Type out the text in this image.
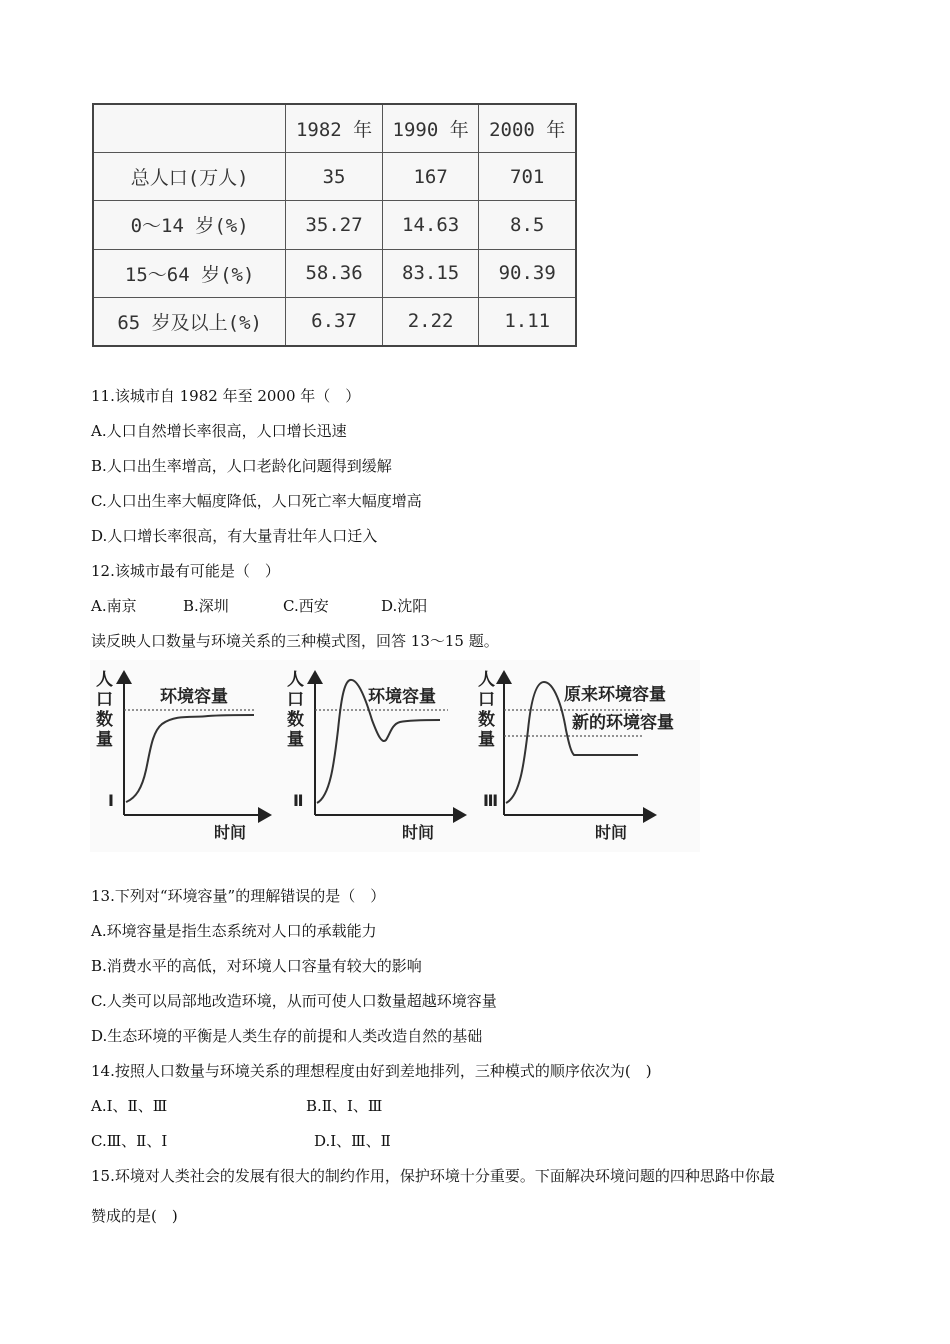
	1982 年	1990 年	2000 年
总人口(万人)	35	167	701
0～14 岁(%)	35.27	14.63	8.5
15～64 岁(%)	58.36	83.15	90.39
65 岁及以上(%)	6.37	2.22	1.11
11.该城市自 1982 年至 2000 年（　）
A.人口自然增长率很高，人口增长迅速
B.人口出生率增高，人口老龄化问题得到缓解
C.人口出生率大幅度降低，人口死亡率大幅度增高
D.人口增长率很高，有大量青壮年人口迁入
12.该城市最有可能是（　）
A.南京	B.深圳	C.西安	D.沈阳
读反映人口数量与环境关系的三种模式图，回答 13～15 题。
人
口
数
量
环境容量
Ⅰ
时间
人
口
数
量
环境容量
Ⅱ
时间
人
口
数
量
原来环境容量
新的环境容量
Ⅲ
时间
13.下列对“环境容量”的理解错误的是（　）
A.环境容量是指生态系统对人口的承载能力
B.消费水平的高低，对环境人口容量有较大的影响
C.人类可以局部地改造环境，从而可使人口数量超越环境容量
D.生态环境的平衡是人类生存的前提和人类改造自然的基础
14.按照人口数量与环境关系的理想程度由好到差地排列，三种模式的顺序依次为(　)
A.Ⅰ、Ⅱ、Ⅲ	B.Ⅱ、Ⅰ、Ⅲ
C.Ⅲ、Ⅱ、Ⅰ	D.Ⅰ、Ⅲ、Ⅱ
15.环境对人类社会的发展有很大的制约作用，保护环境十分重要。下面解决环境问题的四种思路中你最
赞成的是(　)
